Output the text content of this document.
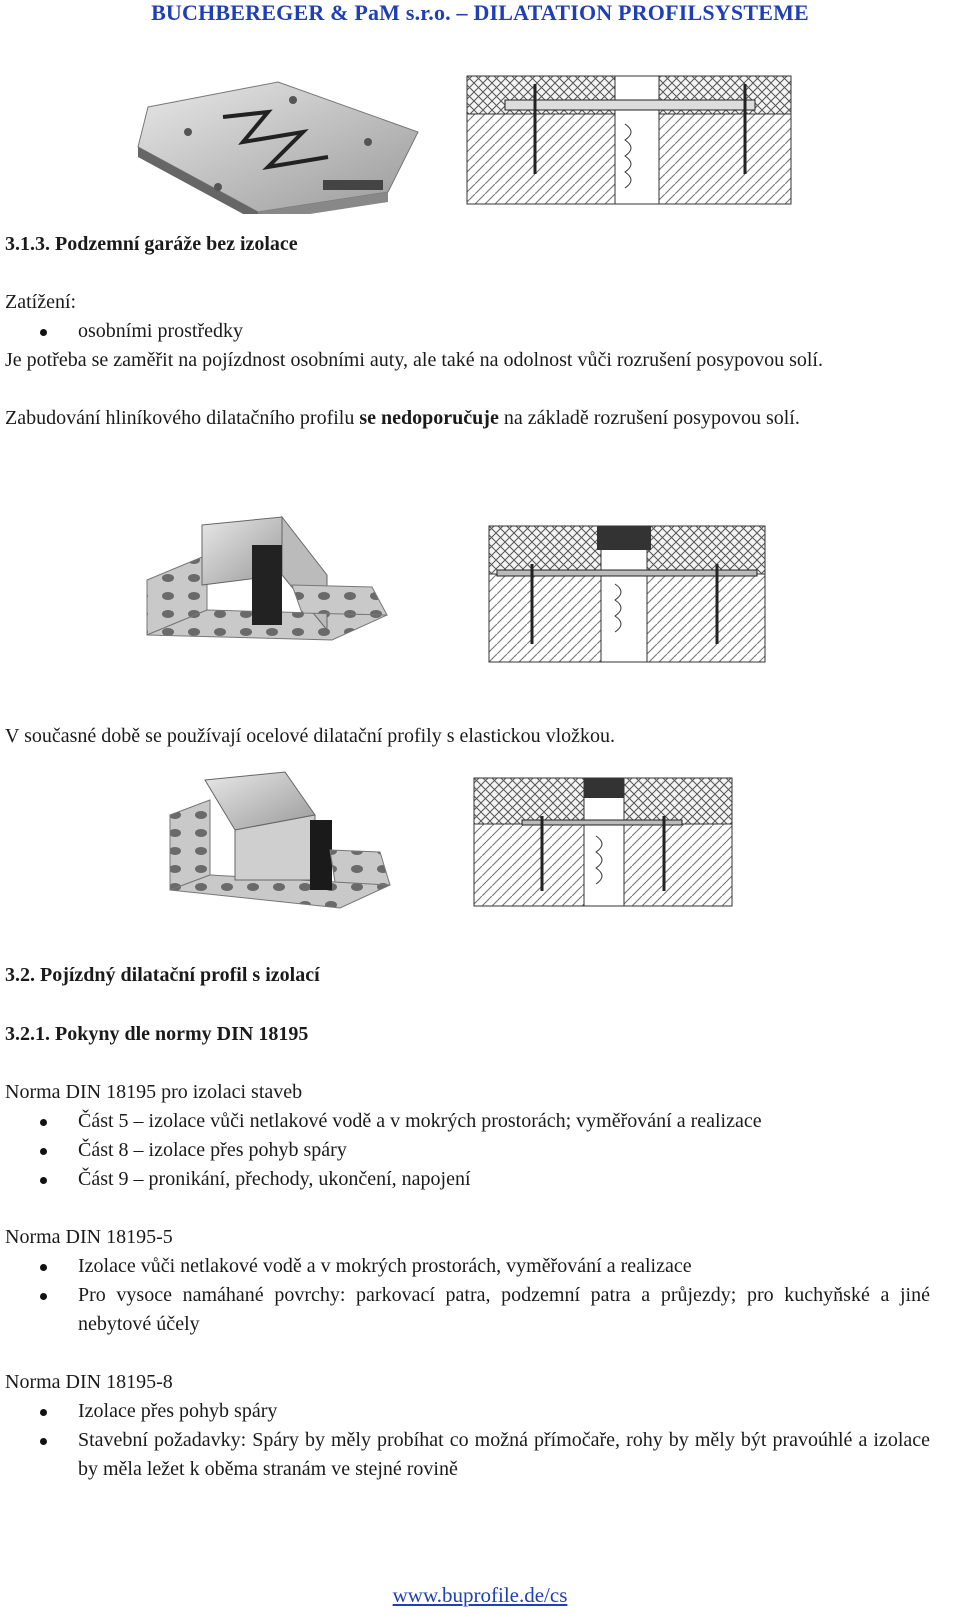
BUCHBEREGER & PaM s.r.o. – DILATATION PROFILSYSTEME
3.1.3. Podzemní garáže bez izolace
Zatížení:
osobními prostředky
Je potřeba se zaměřit na pojízdnost osobními auty, ale také na odolnost vůči rozrušení posypovou solí.
Zabudování hliníkového dilatačního profilu se nedoporučuje na základě rozrušení posypovou solí.
V současné době se používají ocelové dilatační profily s elastickou vložkou.
3.2. Pojízdný dilatační profil s izolací
3.2.1. Pokyny dle normy DIN 18195
Norma DIN 18195 pro izolaci staveb
Část 5 – izolace vůči netlakové vodě a v mokrých prostorách; vyměřování a realizace
Část 8 – izolace přes pohyb spáry
Část 9 – pronikání, přechody, ukončení, napojení
Norma DIN 18195-5
Izolace vůči netlakové vodě a v mokrých prostorách, vyměřování a realizace
Pro vysoce namáhané povrchy: parkovací patra, podzemní patra a průjezdy; pro kuchyňské a jiné nebytové účely
Norma DIN 18195-8
Izolace přes pohyb spáry
Stavební požadavky: Spáry by měly probíhat co možná přímočaře, rohy by měly být pravoúhlé a izolace by měla ležet k oběma stranám ve stejné rovině
www.buprofile.de/cs
